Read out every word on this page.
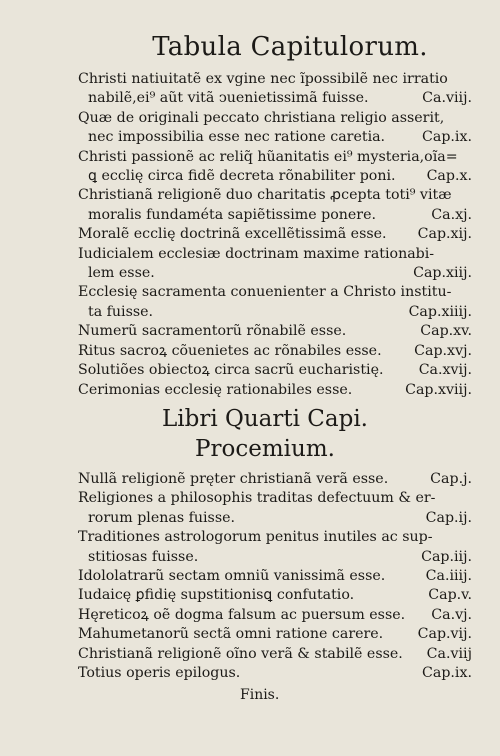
Tabula Capitulorum.
Christi natiuitatẽ ex vgine nec ĩpossibilẽ nec irratio
nabilẽ,ei⁹ aũt vitã ↄuenietissimã fuisse.	Ca.viij.
Quæ de originali peccato christiana religio asserit,
nec impossibilia esse nec ratione caretia.	Cap.ix.
Christi passionẽ ac reliq̃ hũanitatis ei⁹ mysteria,oĩa=
ꝗ ecclię circa fidẽ decreta rõnabiliter poni.	Cap.x.
Christianã religionẽ duo charitatis ꝓcepta toti⁹ vitæ
moralis fundaméta sapiẽtissime ponere.	Ca.xj.
Moralẽ ecclię doctrinã excellẽtissimã esse.	Cap.xij.
Iudicialem ecclesiæ doctrinam maxime rationabi-
lem esse.	Cap.xiij.
Ecclesię sacramenta conuenienter a Christo institu-
ta fuisse.	Cap.xiiij.
Numerũ sacramentorũ rõnabilẽ esse.	Cap.xv.
Ritus sacroꝝ cõuenietes ac rõnabiles esse.	Cap.xvj.
Solutiões obiectoꝝ circa sacrũ eucharistię.	Ca.xvij.
Cerimonias ecclesię rationabiles esse.	Cap.xviij.
Libri Quarti Capi.
Procemium.
Nullã religionẽ pręter christianã verã esse.	Cap.j.
Religiones a philosophis traditas defectuum & er-
rorum plenas fuisse.	Cap.ij.
Traditiones astrologorum penitus inutiles ac sup-
stitiosas fuisse.	Cap.iij.
Idololatrarũ sectam omniũ vanissimã esse.	Ca.iiij.
Iudaicę ꝑfidię supstitionisꝗ confutatio.	Cap.v.
Hęreticoꝝ oẽ dogma falsum ac puersum esse.	Ca.vj.
Mahumetanorũ sectã omni ratione carere.	Cap.vij.
Christianã religionẽ oĩno verã & stabilẽ esse.	Ca.viij
Totius operis epilogus.	Cap.ix.
Finis.
